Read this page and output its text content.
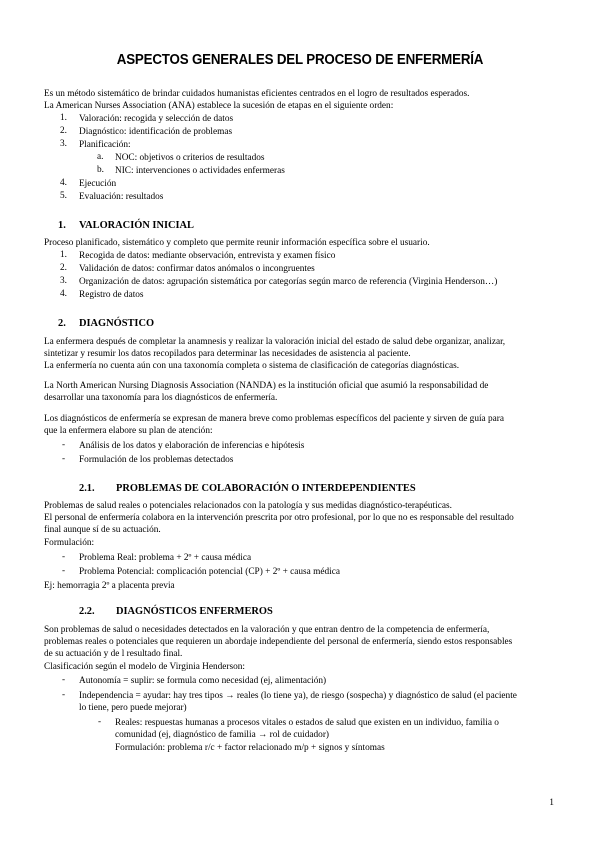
ASPECTOS GENERALES DEL PROCESO DE ENFERMERÍA
Es un método sistemático de brindar cuidados humanistas eficientes centrados en el logro de resultados esperados.
La American Nurses Association (ANA) establece la sucesión de etapas en el siguiente orden:
1. Valoración: recogida y selección de datos
2. Diagnóstico: identificación de problemas
3. Planificación:
a. NOC: objetivos o criterios de resultados
b. NIC: intervenciones o actividades enfermeras
4. Ejecución
5. Evaluación: resultados
1. VALORACIÓN INICIAL
Proceso planificado, sistemático y completo que permite reunir información específica sobre el usuario.
1. Recogida de datos: mediante observación, entrevista y examen físico
2. Validación de datos: confirmar datos anómalos o incongruentes
3. Organización de datos: agrupación sistemática por categorías según marco de referencia (Virginia Henderson…)
4. Registro de datos
2. DIAGNÓSTICO
La enfermera después de completar la anamnesis y realizar la valoración inicial del estado de salud debe organizar, analizar,
sintetizar y resumir los datos recopilados para determinar las necesidades de asistencia al paciente.
La enfermería no cuenta aún con una taxonomía completa o sistema de clasificación de categorías diagnósticas.
La North American Nursing Diagnosis Association (NANDA) es la institución oficial que asumió la responsabilidad de
desarrollar una taxonomía para los diagnósticos de enfermería.
Los diagnósticos de enfermería se expresan de manera breve como problemas específicos del paciente y sirven de guía para
que la enfermera elabore su plan de atención:
- Análisis de los datos y elaboración de inferencias e hipótesis
- Formulación de los problemas detectados
2.1. PROBLEMAS DE COLABORACIÓN O INTERDEPENDIENTES
Problemas de salud reales o potenciales relacionados con la patología y sus medidas diagnóstico-terapéuticas.
El personal de enfermería colabora en la intervención prescrita por otro profesional, por lo que no es responsable del resultado
final aunque sí de su actuación.
Formulación:
- Problema Real: problema + 2º + causa médica
- Problema Potencial: complicación potencial (CP) + 2º + causa médica
Ej: hemorragia 2º a placenta previa
2.2. DIAGNÓSTICOS ENFERMEROS
Son problemas de salud o necesidades detectados en la valoración y que entran dentro de la competencia de enfermería,
problemas reales o potenciales que requieren un abordaje independiente del personal de enfermería, siendo estos responsables
de su actuación y de l resultado final.
Clasificación según el modelo de Virginia Henderson:
- Autonomía = suplir: se formula como necesidad (ej, alimentación)
- Independencia = ayudar: hay tres tipos → reales (lo tiene ya), de riesgo (sospecha) y diagnóstico de salud (el paciente
lo tiene, pero puede mejorar)
- Reales: respuestas humanas a procesos vitales o estados de salud que existen en un individuo, familia o
comunidad (ej, diagnóstico de familia → rol de cuidador)
Formulación: problema r/c + factor relacionado m/p + signos y síntomas
1
